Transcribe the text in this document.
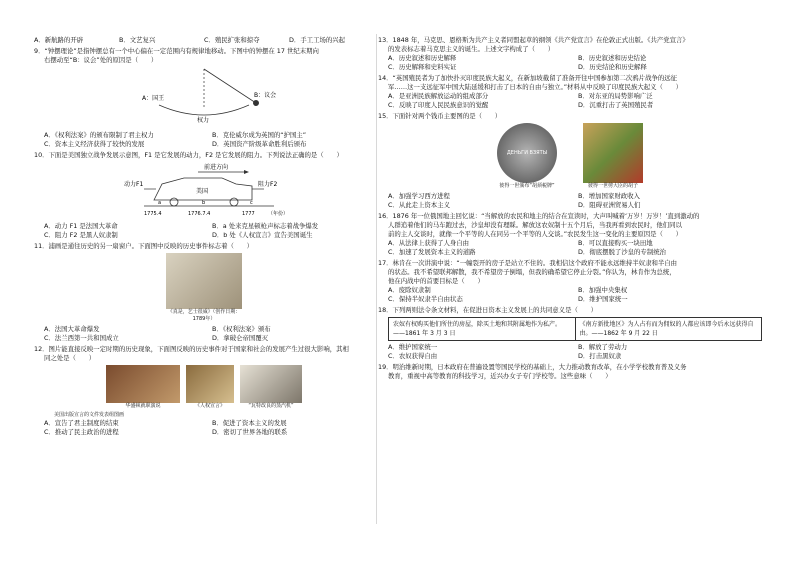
A．新航路的开辟	B．文艺复兴	C．殖民扩张和掠夺	D．手工工场的兴起

9．“钟摆理论”是指钟摆总有一个中心偏在一定范围内有规律地移动。下图中的钟摆在 17 世纪末期向

右摆动至“B：议会”处的原因是（　　）

A：国王	B：议会
权力
A．《权利法案》的颁布限制了君主权力	B．克伦威尔成为英国的“护国主”
C．资本主义经济获得了较快的发展	D．英国资产阶级革命胜利后颁布

10．下面是美国独立战争发展示意图，F1 是它发展的动力，F2 是它发展的阻力。下列说法正确的是（　　）

前进方向
美国
动力F1	阻力F2
a	b	c
1775.4	1776.7.4	1777	（年份）
A．动力 F1 是法国大革命	B．a 处来克星顿枪声标志着战争爆发
C．阻力 F2 是黑人奴隶制	D．b 处《人权宣言》宣告美国诞生

11．浦画是通往历史的另一扇窗户。下面图中反映的历史事件标志着（　　）

《真是，艺士很威》（创作日期：1789年）
A．法国大革命爆发	B．《权利法案》颁布
C．法兰西第一共和国成立	D．拿破仑帝国覆灭

12．图片能直接反映一定时期的历史现象，下面图反映的历史事件对于国家和社会的发展产生过很大影响，其相

同之处是（　　）

华盛顿就职演说	《人权宣言》	“瓦特改良的蒸汽机”
美国出版宣言的文件发表组图画
A．宣告了君主制度的结束	B．促进了资本主义的发展
C．推动了民主政治的进程	D．密切了世界各地的联系

13．1848 年，马克思、恩格斯为共产主义者同盟起草的纲领《共产党宣言》在伦敦正式出版。《共产党宣言》

的发表标志着马克思主义的诞生。上述文字构成了（　　）

A．历史叙述和历史解释	B．历史叙述和历史结论
C．历史解释和史料实证	D．历史结论和历史解释

14．“英国殖民者为了加快扑灭印度民族大起义，在新加坡截留了准备开往中国参加第二次鸦片战争的远征

军……这一支远征军中国大陆延缓和打击了日本的自由与独立。”材料从中反映了印度民族大起义（　　）

A．是亚洲民族解放运动的组成部分	B．对东亚的局势影响广泛
C．反映了印度人民民族意识的觉醒	D．沉重打击了英国殖民者

15．下面针对两个钱币主要图的是（　　）

ДЕНЬГИ ВЗЯТЫ
彼得一世颁布“胡须税牌”	彼得一世剪大臣的胡子
A．加强学习西方进程	B．增加国家财政收入
C．从此走上资本主义	D．阻碍亚洲贸易人们

16．1876 年一位俄国地主回忆说：“当解放的农民和地主的结合在宣读时，大声叫喊着‘万岁！万岁！’直到激动的

人群追着他们的马车跑过去，沙皇却没有理睬。解放这农奴制十五个月后，当我再看到农民时，他们同以

前的主人交谈时，就像一个平等的人在同另一个平等的人交谈。”农民发生这一变化的主要原因是（　　）

A．从法律上获得了人身自由	B．可以直接购买一块田地
C．加速了发展资本主义的道路	D．彻底摆脱了沙皇的专制统治

17．林肯在一次讲演中说：“一幢裂开的房子是站立不住的。我相信这个政府不能永远维持半奴隶和半自由

的状态。我不希望联邦解散，我不希望房子倒塌，但我的确希望它停止分裂。”你认为，林肯作为总统，

他在内战中的首要目标是（　　）

A．废除奴隶制	B．加强中央集权
C．保持半奴隶半自由状态	D．维护国家统一

18．下列两则法令条文材料，在促进日资本主义发展上的共同意义是（　　）

农奴有权购买他们所住的房屋，除买土地和其附属地作为私产。——1861 年 3 月 3 日
《南方新批地区》为人占有而为佣奴的人都应该即今后永远获得自由。——1862 年 9 月 22 日
A．维护国家统一	B．解放了劳动力
C．农奴获得自由	D．打击黑奴隶

19．明治维新时期，日本政府在普遍设置等国民学校的基础上，大力推动教育改革，在小学学校教育普及义务

教育，重视中高等教育的科技学习，近兴办女子专门学校等。这些意味（　　）
